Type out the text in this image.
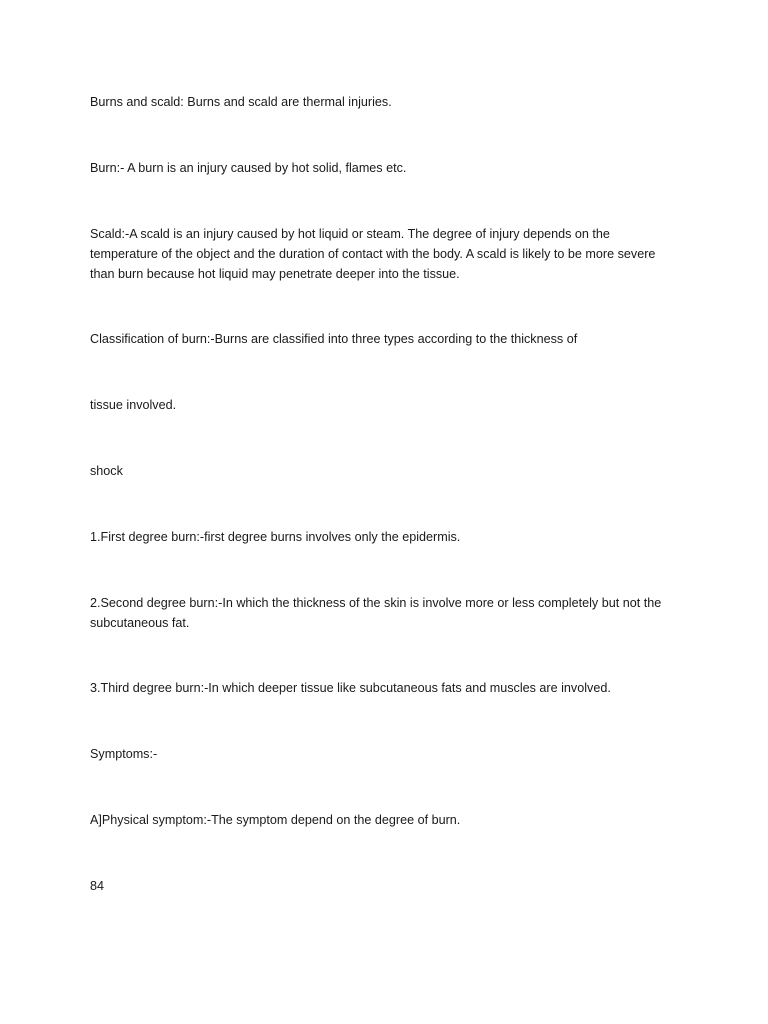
Burns and scald: Burns and scald are thermal injuries.

Burn:- A burn is an injury caused by hot solid, flames etc.

Scald:-A scald is an injury caused by hot liquid or steam. The degree of injury depends on the temperature of the object and the duration of contact with the body. A scald is likely to be more severe than burn because hot liquid may penetrate deeper into the tissue.

Classification of burn:-Burns are classified into three types according to the thickness of

tissue involved.

shock

1.First degree burn:-first degree burns involves only the epidermis.

2.Second degree burn:-In which the thickness of the skin is involve more or less completely but not the subcutaneous fat.

3.Third degree burn:-In which deeper tissue like subcutaneous fats and muscles are involved.

Symptoms:-

A]Physical symptom:-The symptom depend on the degree of burn.

84
